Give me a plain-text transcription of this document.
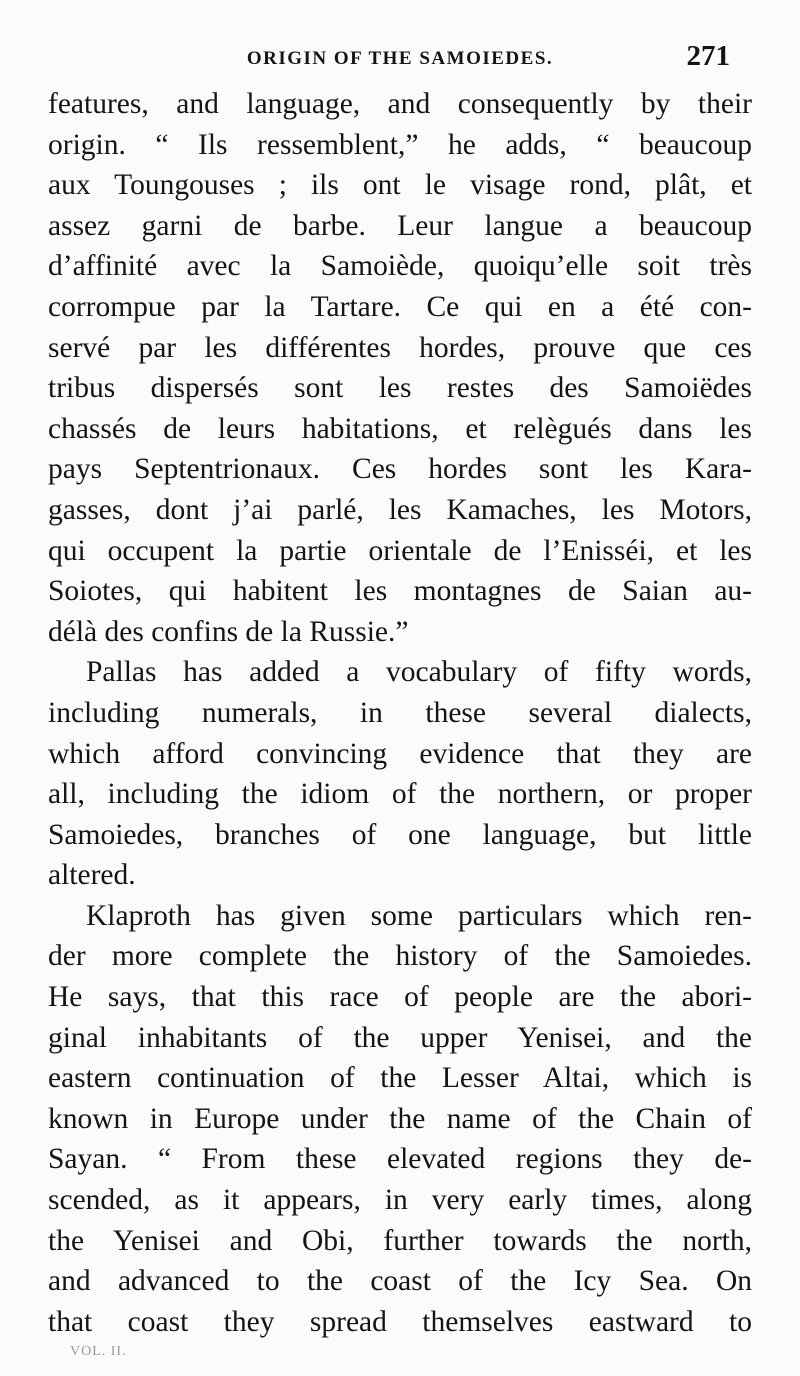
ORIGIN OF THE SAMOIEDES.	271
features, and language, and consequently by their
origin. “ Ils ressemblent,” he adds, “ beaucoup
aux Toungouses ; ils ont le visage rond, plât, et
assez garni de barbe. Leur langue a beaucoup
d’affinité avec la Samoiède, quoiqu’elle soit très
corrompue par la Tartare. Ce qui en a été con-
servé par les différentes hordes, prouve que ces
tribus dispersés sont les restes des Samoiëdes
chassés de leurs habitations, et relègués dans les
pays Septentrionaux. Ces hordes sont les Kara-
gasses, dont j’ai parlé, les Kamaches, les Motors,
qui occupent la partie orientale de l’Enisséi, et les
Soiotes, qui habitent les montagnes de Saian au-
délà des confins de la Russie.”
Pallas has added a vocabulary of fifty words,
including numerals, in these several dialects,
which afford convincing evidence that they are
all, including the idiom of the northern, or proper
Samoiedes, branches of one language, but little
altered.
Klaproth has given some particulars which ren-
der more complete the history of the Samoiedes.
He says, that this race of people are the abori-
ginal inhabitants of the upper Yenisei, and the
eastern continuation of the Lesser Altai, which is
known in Europe under the name of the Chain of
Sayan. “ From these elevated regions they de-
scended, as it appears, in very early times, along
the Yenisei and Obi, further towards the north,
and advanced to the coast of the Icy Sea. On
that coast they spread themselves eastward to
VOL. II.
